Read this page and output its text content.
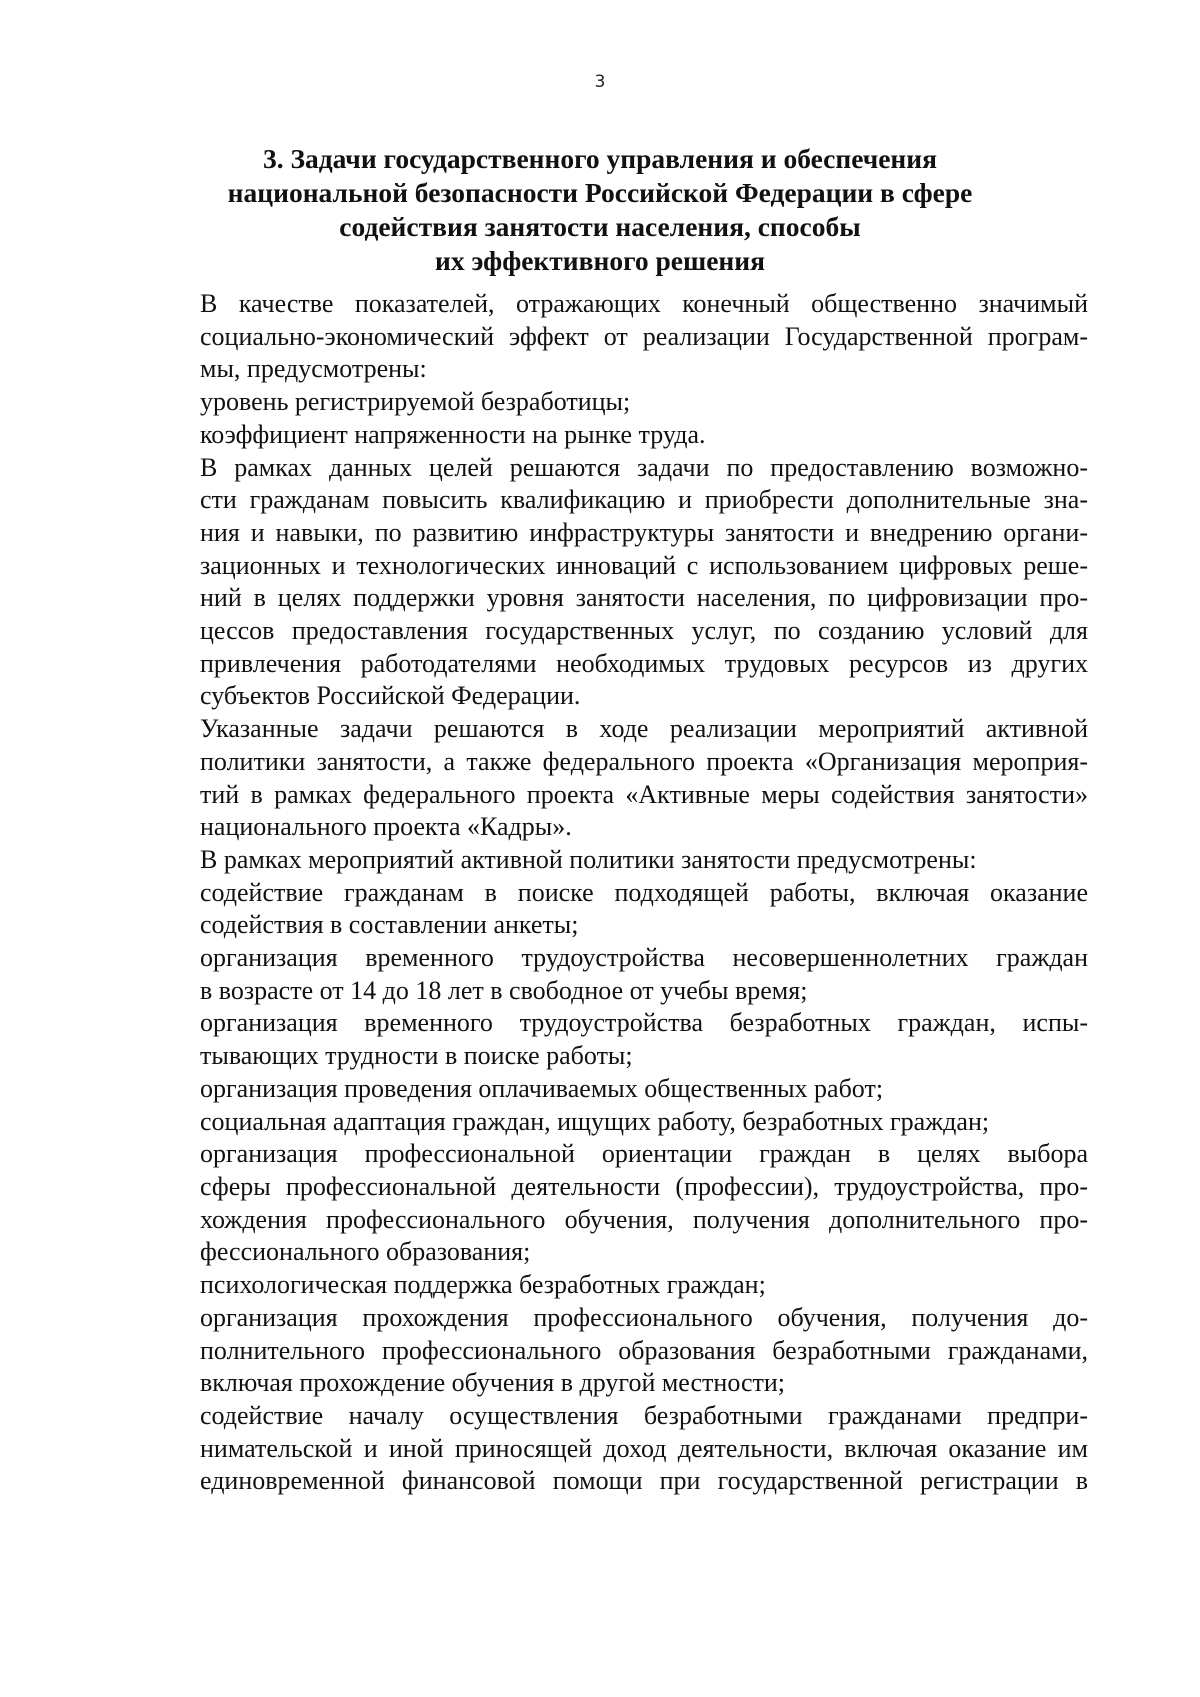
3
3. Задачи государственного управления и обеспечения
национальной безопасности Российской Федерации в сфере
содействия занятости населения, способы
их эффективного решения

В качестве показателей, отражающих конечный общественно значимый
социально-экономический эффект от реализации Государственной програм-
мы, предусмотрены:

уровень регистрируемой безработицы;

коэффициент напряженности на рынке труда.

В рамках данных целей решаются задачи по предоставлению возможно-
сти гражданам повысить квалификацию и приобрести дополнительные зна-
ния и навыки, по развитию инфраструктуры занятости и внедрению органи-
зационных и технологических инноваций с использованием цифровых реше-
ний в целях поддержки уровня занятости населения, по цифровизации про-
цессов предоставления государственных услуг, по созданию условий для
привлечения работодателями необходимых трудовых ресурсов из других
субъектов Российской Федерации.

Указанные задачи решаются в ходе реализации мероприятий активной
политики занятости, а также федерального проекта «Организация мероприя-
тий в рамках федерального проекта «Активные меры содействия занятости»
национального проекта «Кадры».

В рамках мероприятий активной политики занятости предусмотрены:

содействие гражданам в поиске подходящей работы, включая оказание
содействия в составлении анкеты;

организация временного трудоустройства несовершеннолетних граждан
в возрасте от 14 до 18 лет в свободное от учебы время;

организация временного трудоустройства безработных граждан, испы-
тывающих трудности в поиске работы;

организация проведения оплачиваемых общественных работ;

социальная адаптация граждан, ищущих работу, безработных граждан;

организация профессиональной ориентации граждан в целях выбора
сферы профессиональной деятельности (профессии), трудоустройства, про-
хождения профессионального обучения, получения дополнительного про-
фессионального образования;

психологическая поддержка безработных граждан;

организация прохождения профессионального обучения, получения до-
полнительного профессионального образования безработными гражданами,
включая прохождение обучения в другой местности;

содействие началу осуществления безработными гражданами предпри-
нимательской и иной приносящей доход деятельности, включая оказание им
единовременной финансовой помощи при государственной регистрации в
